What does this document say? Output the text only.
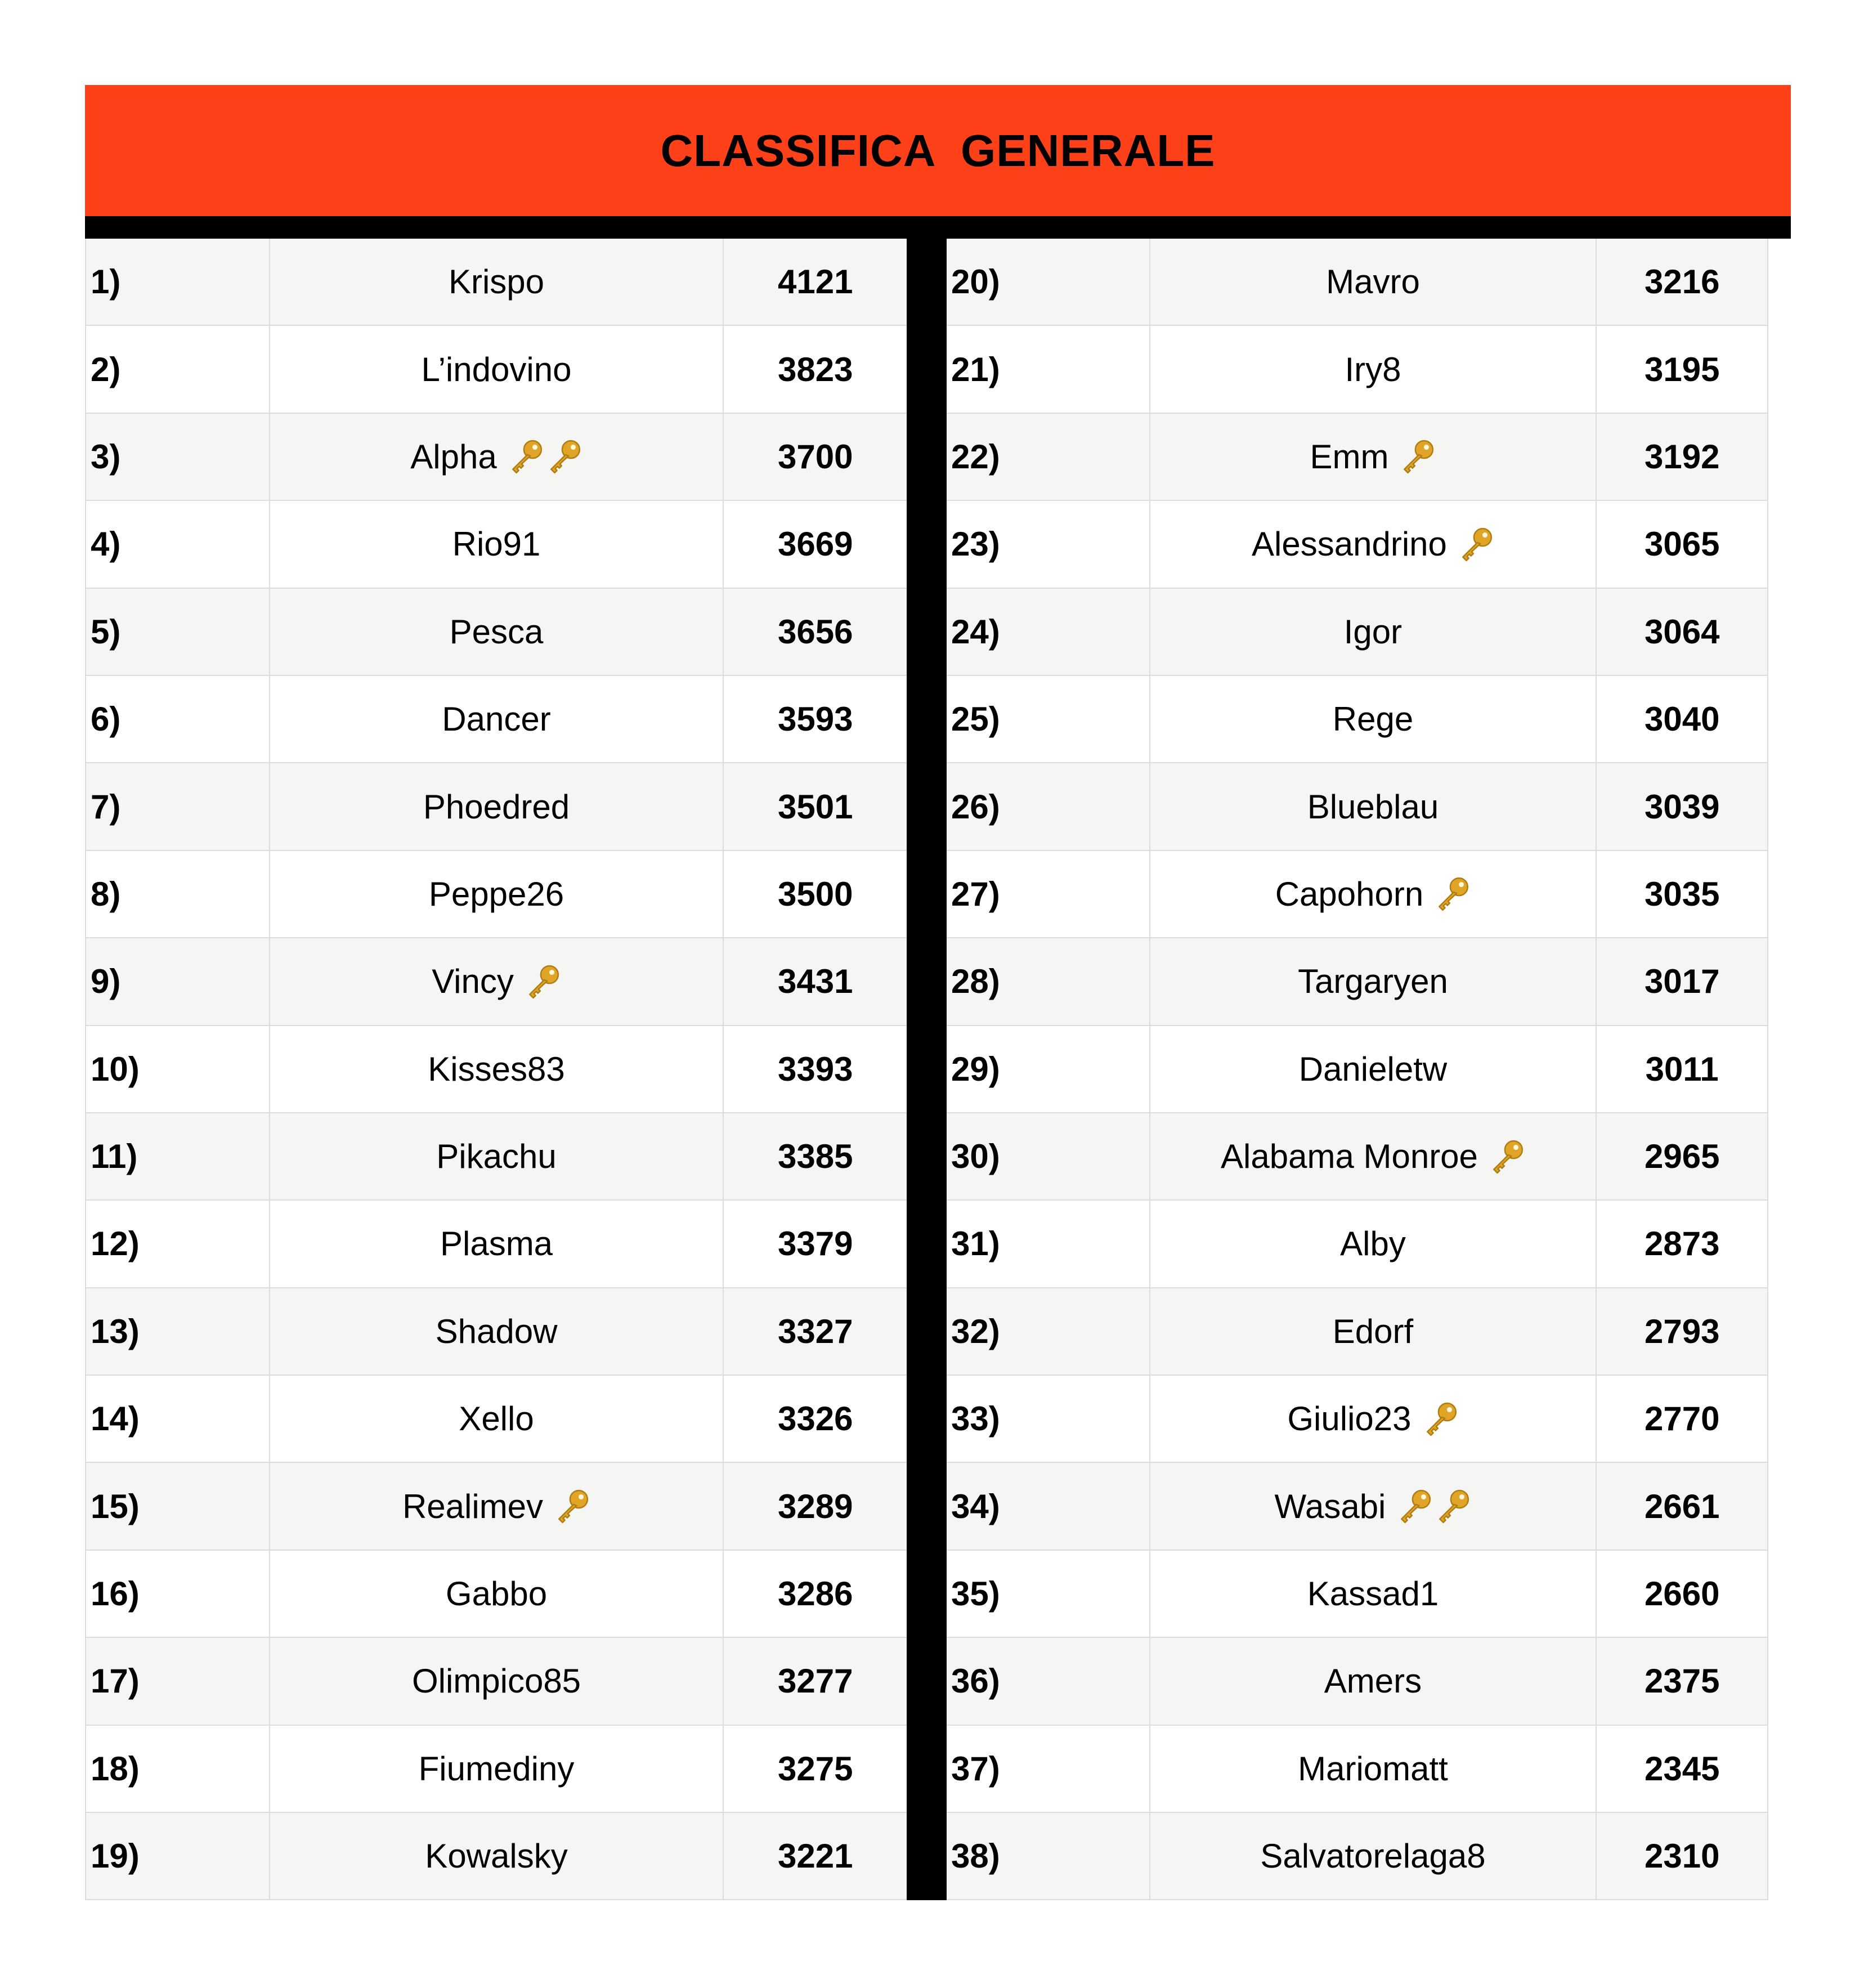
CLASSIFICA  GENERALE
1)	Krispo	4121
2)	L’indovino	3823
3)	Alpha	3700
4)	Rio91	3669
5)	Pesca	3656
6)	Dancer	3593
7)	Phoedred	3501
8)	Peppe26	3500
9)	Vincy	3431
10)	Kisses83	3393
11)	Pikachu	3385
12)	Plasma	3379
13)	Shadow	3327
14)	Xello	3326
15)	Realimev	3289
16)	Gabbo	3286
17)	Olimpico85	3277
18)	Fiumediny	3275
19)	Kowalsky	3221
20)	Mavro	3216
21)	Iry8	3195
22)	Emm	3192
23)	Alessandrino	3065
24)	Igor	3064
25)	Rege	3040
26)	Blueblau	3039
27)	Capohorn	3035
28)	Targaryen	3017
29)	Danieletw	3011
30)	Alabama Monroe	2965
31)	Alby	2873
32)	Edorf	2793
33)	Giulio23	2770
34)	Wasabi	2661
35)	Kassad1	2660
36)	Amers	2375
37)	Mariomatt	2345
38)	Salvatorelaga8	2310
